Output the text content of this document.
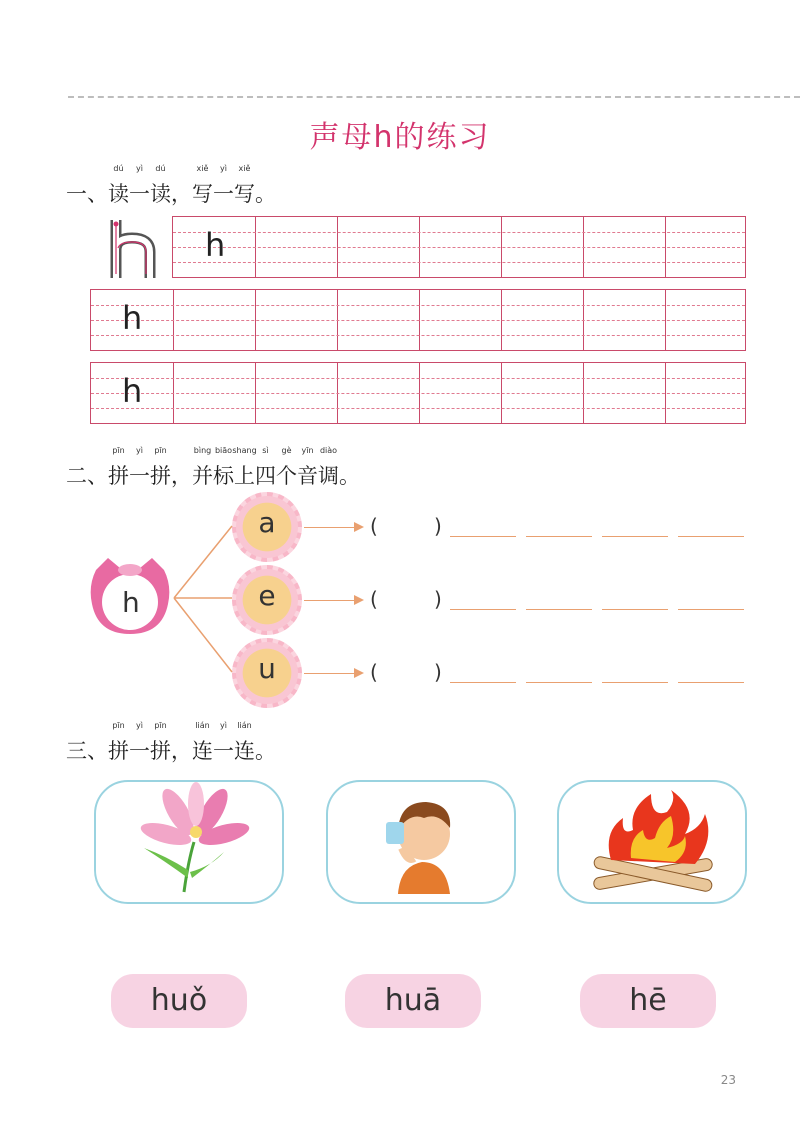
声母h的练习
一、读
dú
一
yì
读
dú
，写
xiě
一
yì
写
xiě
。
h
h
h
二、拼
pīn
一
yì
拼
pīn
，并
bìng
标
biāo
上
shang
四
sì
个
gè
音
yīn
调
diào
。
h
a	(	)
e	(	)
u	(	)
三、拼
pīn
一
yì
拼
pīn
，连
lián
一
yì
连
lián
。
huǒ	huā	hē
23
